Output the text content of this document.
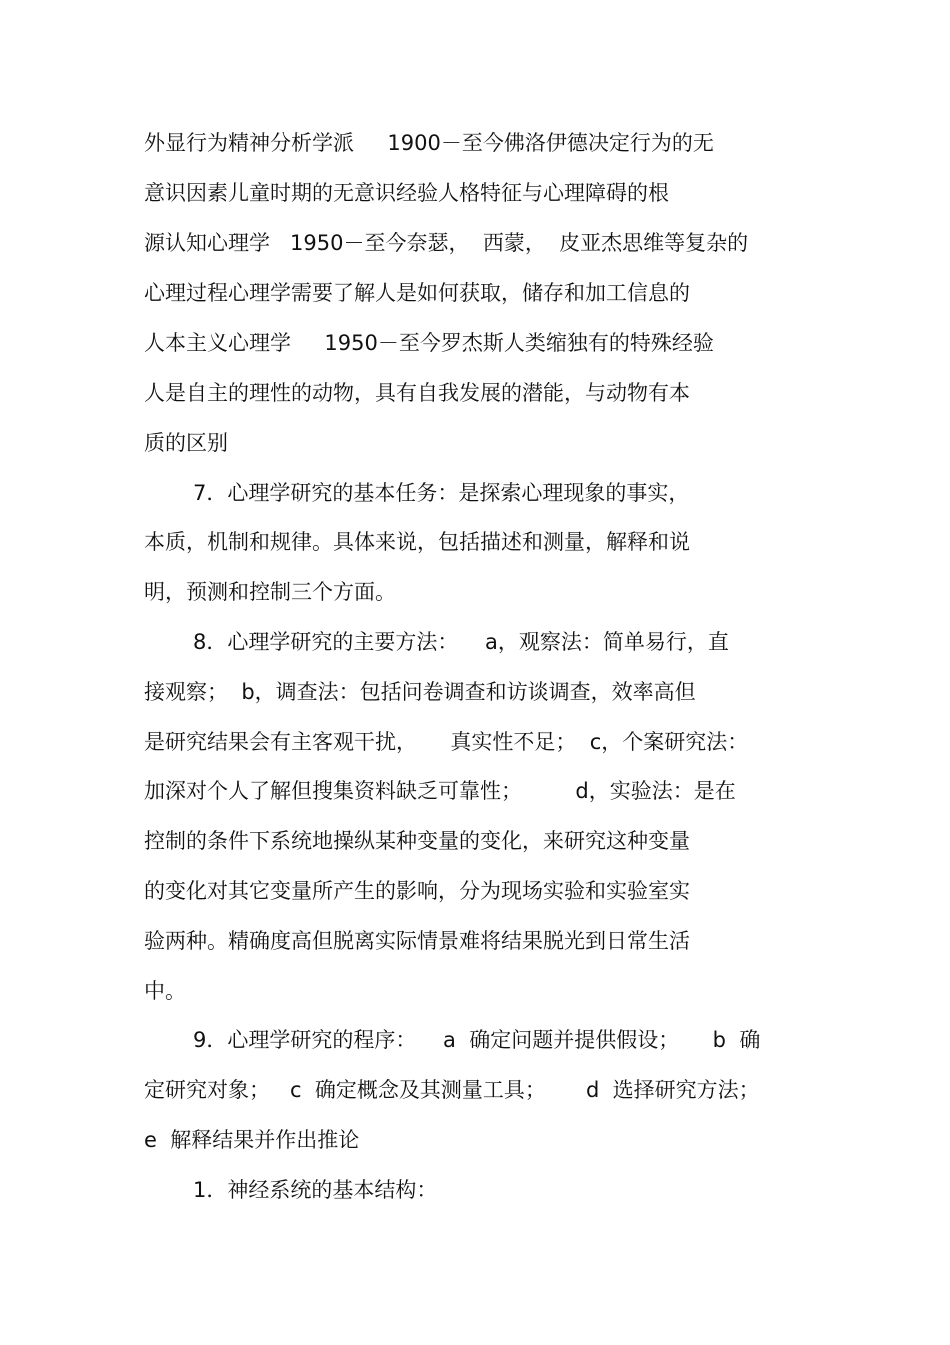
外显行为精神分析学派     1900－至今佛洛伊德决定行为的无
意识因素儿童时期的无意识经验人格特征与心理障碍的根
源认知心理学   1950－至今奈瑟，  西蒙，  皮亚杰思维等复杂的
心理过程心理学需要了解人是如何获取，储存和加工信息的
人本主义心理学     1950－至今罗杰斯人类缩独有的特殊经验
人是自主的理性的动物，具有自我发展的潜能，与动物有本
质的区别
7．心理学研究的基本任务：是探索心理现象的事实，
本质，机制和规律。具体来说，包括描述和测量，解释和说
明，预测和控制三个方面。
8．心理学研究的主要方法：    a，观察法：简单易行，直
接观察；  b，调查法：包括问卷调查和访谈调查，效率高但
是研究结果会有主客观干扰，     真实性不足；  c，个案研究法：
加深对个人了解但搜集资料缺乏可靠性；        d，实验法：是在
控制的条件下系统地操纵某种变量的变化，来研究这种变量
的变化对其它变量所产生的影响，分为现场实验和实验室实
验两种。精确度高但脱离实际情景难将结果脱光到日常生活
中。
9．心理学研究的程序：    a  确定问题并提供假设；     b  确
定研究对象；   c  确定概念及其测量工具；      d  选择研究方法；
e  解释结果并作出推论
1．神经系统的基本结构：
